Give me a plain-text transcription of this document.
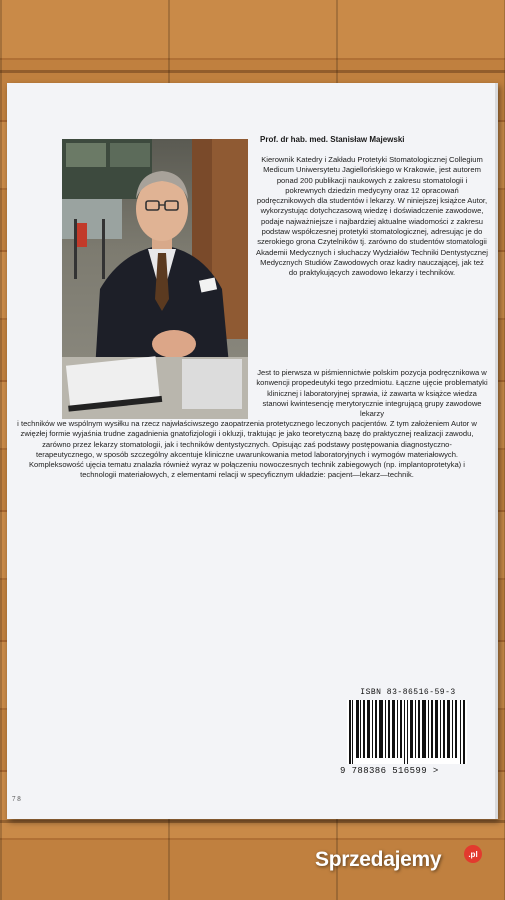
Prof. dr hab. med. Stanisław Majewski

Kierownik Katedry i Zakładu Protetyki Stomatologicznej Collegium Medicum Uniwersytetu Jagiellońskiego w Krakowie, jest autorem ponad 200 publikacji naukowych z zakresu stomatologii i pokrewnych dziedzin medycyny oraz 12 opracowań podręcznikowych dla studentów i lekarzy. W niniejszej książce Autor, wykorzystując dotychczasową wiedzę i doświadczenie zawodowe, podaje najważniejsze i najbardziej aktualne wiadomości z zakresu podstaw współczesnej protetyki stomatologicznej, adresując je do szerokiego grona Czytelników tj. zarówno do studentów stomatologii Akademii Medycznych i słuchaczy Wydziałów Techniki Dentystycznej Medycznych Studiów Zawodowych oraz kadry nauczającej, jak też do praktykujących zawodowo lekarzy i techników.

Jest to pierwsza w piśmiennictwie polskim pozycja podręcznikowa w konwencji propedeutyki tego przedmiotu. Łączne ujęcie problematyki klinicznej i laboratoryjnej sprawia, iż zawarta w książce wiedza stanowi kwintesencję merytorycznie integrującą grupy zawodowe lekarzy

i techników we wspólnym wysiłku na rzecz najwłaściwszego zaopatrzenia protetycznego leczonych pacjentów. Z tym założeniem Autor w zwięzłej formie wyjaśnia trudne zagadnienia gnatofizjologii i okluzji, traktując je jako teoretyczną bazę do praktycznej realizacji zawodu, zarówno przez lekarzy stomatologii, jak i techników dentystycznych. Opisując zaś podstawy postępowania diagnostyczno-terapeutycznego, w sposób szczególny akcentuje kliniczne uwarunkowania metod laboratoryjnych i wymogów materiałowych. Kompleksowość ujęcia tematu znalazła również wyraz w połączeniu nowoczesnych technik zabiegowych (np. implantoprotetyka) i technologii materiałowych, z elementami relacji w specyficznym układzie: pacjent—lekarz—technik.

ISBN 83-86516-59-3
9 788386 516599 >
7 8
Sprzedajemy	.pl
